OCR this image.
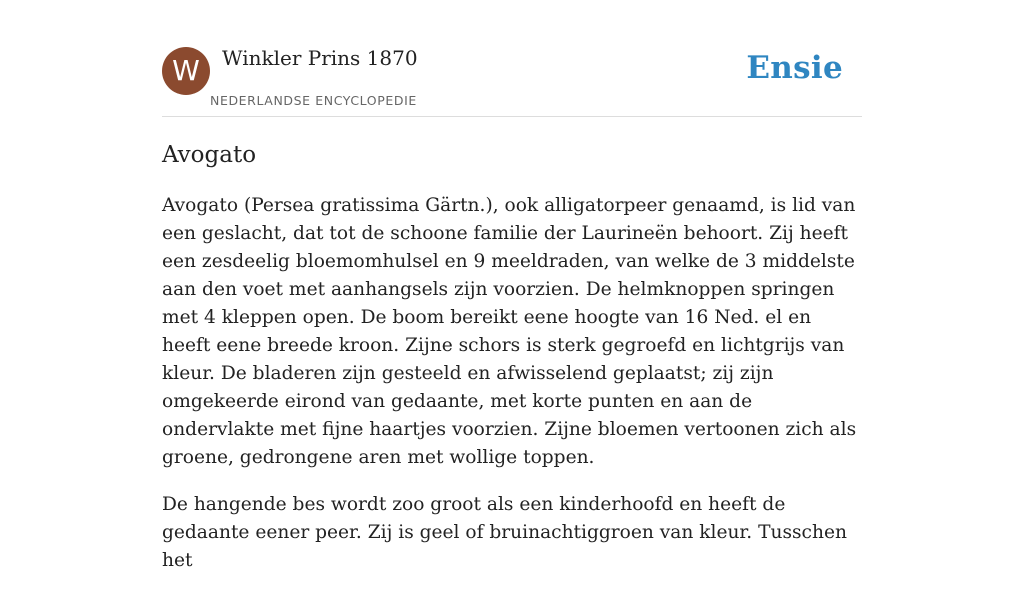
W	Winkler Prins 1870
NEDERLANDSE ENCYCLOPEDIE
Ensie
Avogato

Avogato (Persea gratissima Gärtn.), ook alligatorpeer genaamd, is lid van een geslacht, dat tot de schoone familie der Laurineën behoort. Zij heeft een zesdeelig bloemomhulsel en 9 meeldraden, van welke de 3 middelste aan den voet met aanhangsels zijn voorzien. De helmknoppen springen met 4 kleppen open. De boom bereikt eene hoogte van 16 Ned. el en heeft eene breede kroon. Zijne schors is sterk gegroefd en lichtgrijs van kleur. De bladeren zijn gesteeld en afwisselend geplaatst; zij zijn omgekeerde eirond van gedaante, met korte punten en aan de ondervlakte met fijne haartjes voorzien. Zijne bloemen vertoonen zich als groene, gedrongene aren met wollige toppen.

De hangende bes wordt zoo groot als een kinderhoofd en heeft de gedaante eener peer. Zij is geel of bruinachtiggroen van kleur. Tusschen het
